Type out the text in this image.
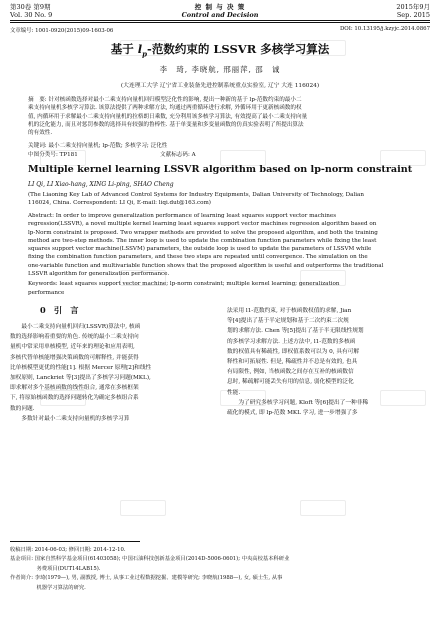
第30卷 第9期
Vol. 30 No. 9
控 制 与 决 策
Control and Decision
2015年9月
Sep. 2015
文章编号: 1001-0920(2015)09-1603-06	DOI: 10.13195/j.kzyjc.2014.0867
基于 $l_p-$范数约束的 LSSVR 多核学习算法
李　琦, 李晓航, 邢丽萍, 邵　诚
(大连理工大学 辽宁省工业装备先进控制系统重点实验室, 辽宁 大连 116024)
摘　要: 针对核函数选择对最小二乘支持向量机回归模型泛化性的影响, 提出一种新的基于 lp-范数约束的最小二
乘支持向量机多核学习算法. 该算法提供了两种求解方法, 均通过两重循环进行求解, 外循环用于更新核函数的权
值, 内循环用于求解最小二乘支持向量机的拉格朗日乘数, 充分利用该多核学习算法, 有效提高了最小二乘支持向量
机的泛化能力, 而且对惩罚参数的选择具有较强的鲁棒性. 基于单变量和多变量函数的仿真实验表明了所提出算法
的有效性.
关键词: 最小二乘支持向量机; lp-范数; 多核学习; 泛化性
中图分类号: TP181	文献标志码: A
Multiple kernel learning LSSVR algorithm based on lp-norm constraint
LI Qi, LI Xiao-hang, XING Li-ping, SHAO Cheng
(The Liaoning Key Lab of Advanced Control Systems for Industry Equipments, Dalian University of Technology, Dalian
116024, China. Correspondent: LI Qi, E-mail: liqi.dut@163.com)
Abstract: In order to improve generalization performance of learning least squares support vector machines
regression(LSSVR), a novel multiple kernel learning least squares support vector machines regression algorithm based on
lp-Norm constraint is proposed. Two wrapper methods are provided to solve the proposed algorithm, and both the training
method are two-step methods. The inner loop is used to update the combination function parameters while fixing the least
squares support vector machine(LSSVM) parameters, the outside loop is used to update the parameters of LSSVM while
fixing the combination function parameters, and these two steps are repeated until convergence. The simulation on the
one-variable function and multivariable function shows that the proposed algorithm is useful and outperforms the traditional
LSSVR algorithm for generalization performance.
Keywords: least squares support vector machine; lp-norm constraint; multiple kernel learning; generalization
performance
0　引　言
　　最小二乘支持向量机回归(LSSVR)算法中, 核函
数的选择影响着重要的角色. 传统的最小二乘支持向
量机中常采用单核模型, 近年来的理论和应用表明,
多核代替单核能增强决策函数的可解释性, 并能获得
比单核模型更优的性能[1]. 根据 Mercer 原理[2]和线性
加权原则, Lanckriet 等[3]提出了多核学习问题(MKL),
即求解对多个基核函数的线性组合, 通常在多核框架
下, 将原始核函数的选择问题转化为确定多核组合系
数的问题.
　　多数针对最小二乘支持向量机的多核学习算
法采用 l1-范数约束, 对于核函数权值的求解, Jian
等[4]提出了基于半定规划和基于二次约束二次规
划的求解方法. Chen 等[5]提出了基于半无限线性规划
的多核学习求解方法. 上述方法中, l1-范数的多核函
数的权值具有稀疏性, 即权值系数可以为 0, 具有可解
释性和可拓展性. 但是, 稀疏性并不总是有效的, 也具
有局限性, 例如, 当核函数之间存在互补的核函数信
息时, 稀疏解可能丢失有用的信息, 弱化模型的泛化
性能.
　　为了研究多核学习问题, Kloft 等[6]提出了一种非稀
疏化的模式, 即 lp-范数 MKL 学习, 进一步增强了多
收稿日期: 2014-06-03; 修回日期: 2014-12-10.
基金项目: 国家自然科学基金项目(61403058); 中国石油科技创新基金项目(2014D-5006-0601); 中央高校基本科研业
　　　　　务费项目(DUT14LAB15).
作者简介: 李琦(1979—), 男, 副教授, 博士, 从事工业过程数据挖掘、建模等研究; 李晓航(1988—), 女, 硕士生, 从事
　　　　　机器学习算法的研究.
